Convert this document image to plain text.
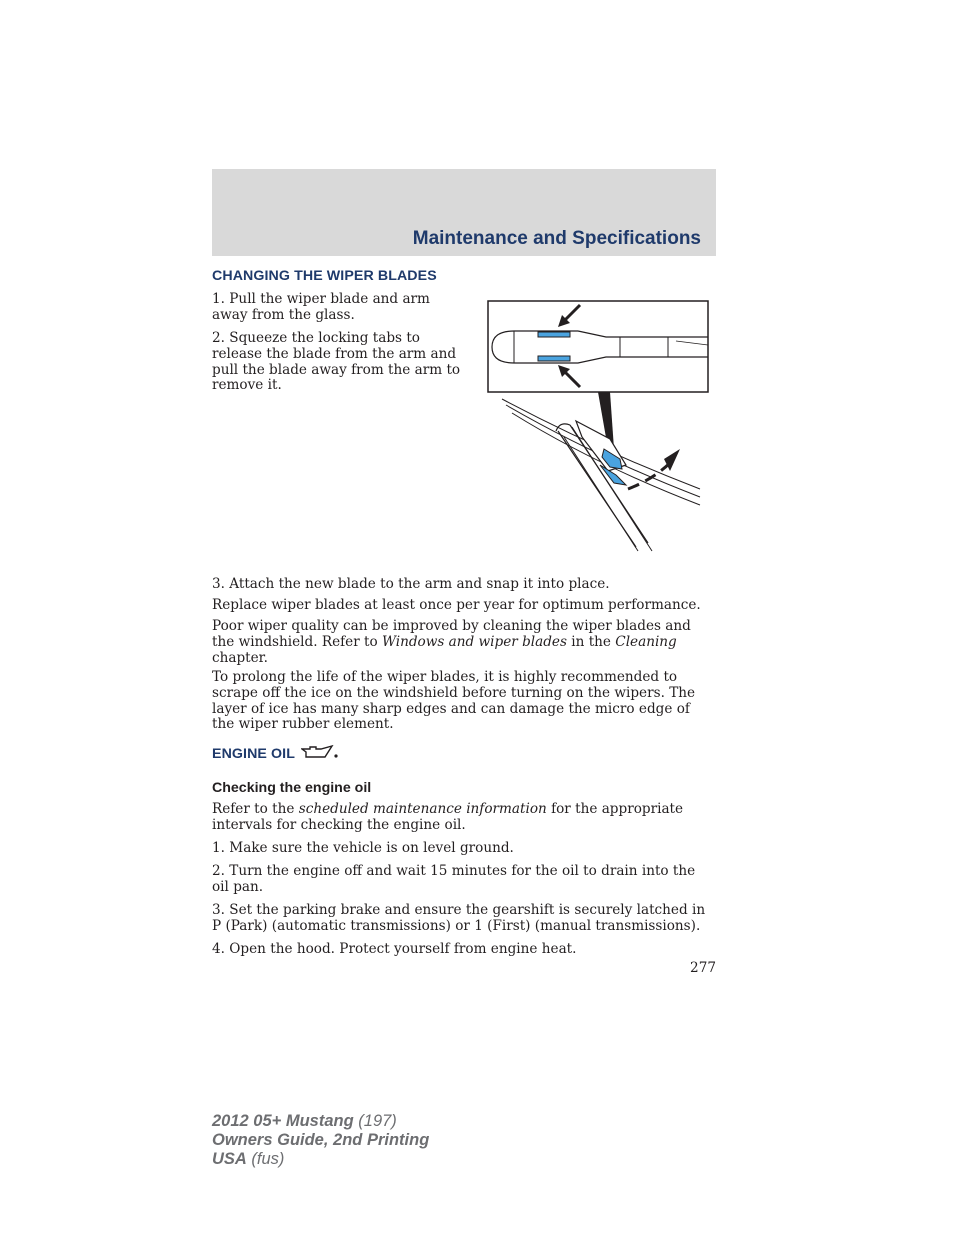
Maintenance and Specifications
CHANGING THE WIPER BLADES

1. Pull the wiper blade and arm away from the glass.

2. Squeeze the locking tabs to release the blade from the arm and pull the blade away from the arm to remove it.

3. Attach the new blade to the arm and snap it into place.

Replace wiper blades at least once per year for optimum performance.

Poor wiper quality can be improved by cleaning the wiper blades and the windshield. Refer to Windows and wiper blades in the Cleaning chapter.

To prolong the life of the wiper blades, it is highly recommended to scrape off the ice on the windshield before turning on the wipers. The layer of ice has many sharp edges and can damage the micro edge of the wiper rubber element.

ENGINE OIL
Checking the engine oil

Refer to the scheduled maintenance information for the appropriate intervals for checking the engine oil.

1. Make sure the vehicle is on level ground.

2. Turn the engine off and wait 15 minutes for the oil to drain into the oil pan.

3. Set the parking brake and ensure the gearshift is securely latched in P (Park) (automatic transmissions) or 1 (First) (manual transmissions).

4. Open the hood. Protect yourself from engine heat.

277
2012 05+ Mustang (197)
Owners Guide, 2nd Printing
USA (fus)
